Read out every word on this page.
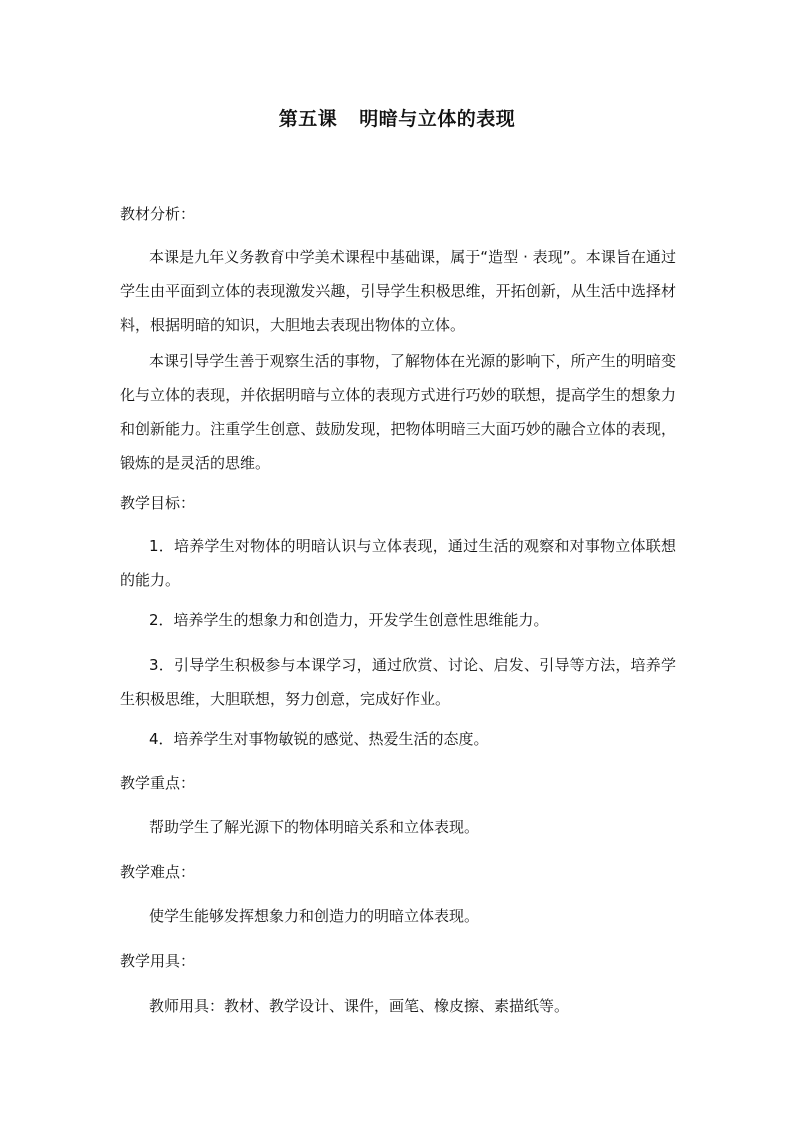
第五课 明暗与立体的表现
教材分析：
本课是九年义务教育中学美术课程中基础课，属于“造型 · 表现”。本课旨在通过学生由平面到立体的表现激发兴趣，引导学生积极思维，开拓创新，从生活中选择材料，根据明暗的知识，大胆地去表现出物体的立体。
本课引导学生善于观察生活的事物，了解物体在光源的影响下，所产生的明暗变化与立体的表现，并依据明暗与立体的表现方式进行巧妙的联想，提高学生的想象力和创新能力。注重学生创意、鼓励发现，把物体明暗三大面巧妙的融合立体的表现，锻炼的是灵活的思维。
教学目标：
1．培养学生对物体的明暗认识与立体表现，通过生活的观察和对事物立体联想的能力。
2．培养学生的想象力和创造力，开发学生创意性思维能力。
3．引导学生积极参与本课学习，通过欣赏、讨论、启发、引导等方法，培养学生积极思维，大胆联想，努力创意，完成好作业。
4．培养学生对事物敏锐的感觉、热爱生活的态度。
教学重点：
帮助学生了解光源下的物体明暗关系和立体表现。
教学难点：
使学生能够发挥想象力和创造力的明暗立体表现。
教学用具：
教师用具：教材、教学设计、课件，画笔、橡皮擦、素描纸等。
